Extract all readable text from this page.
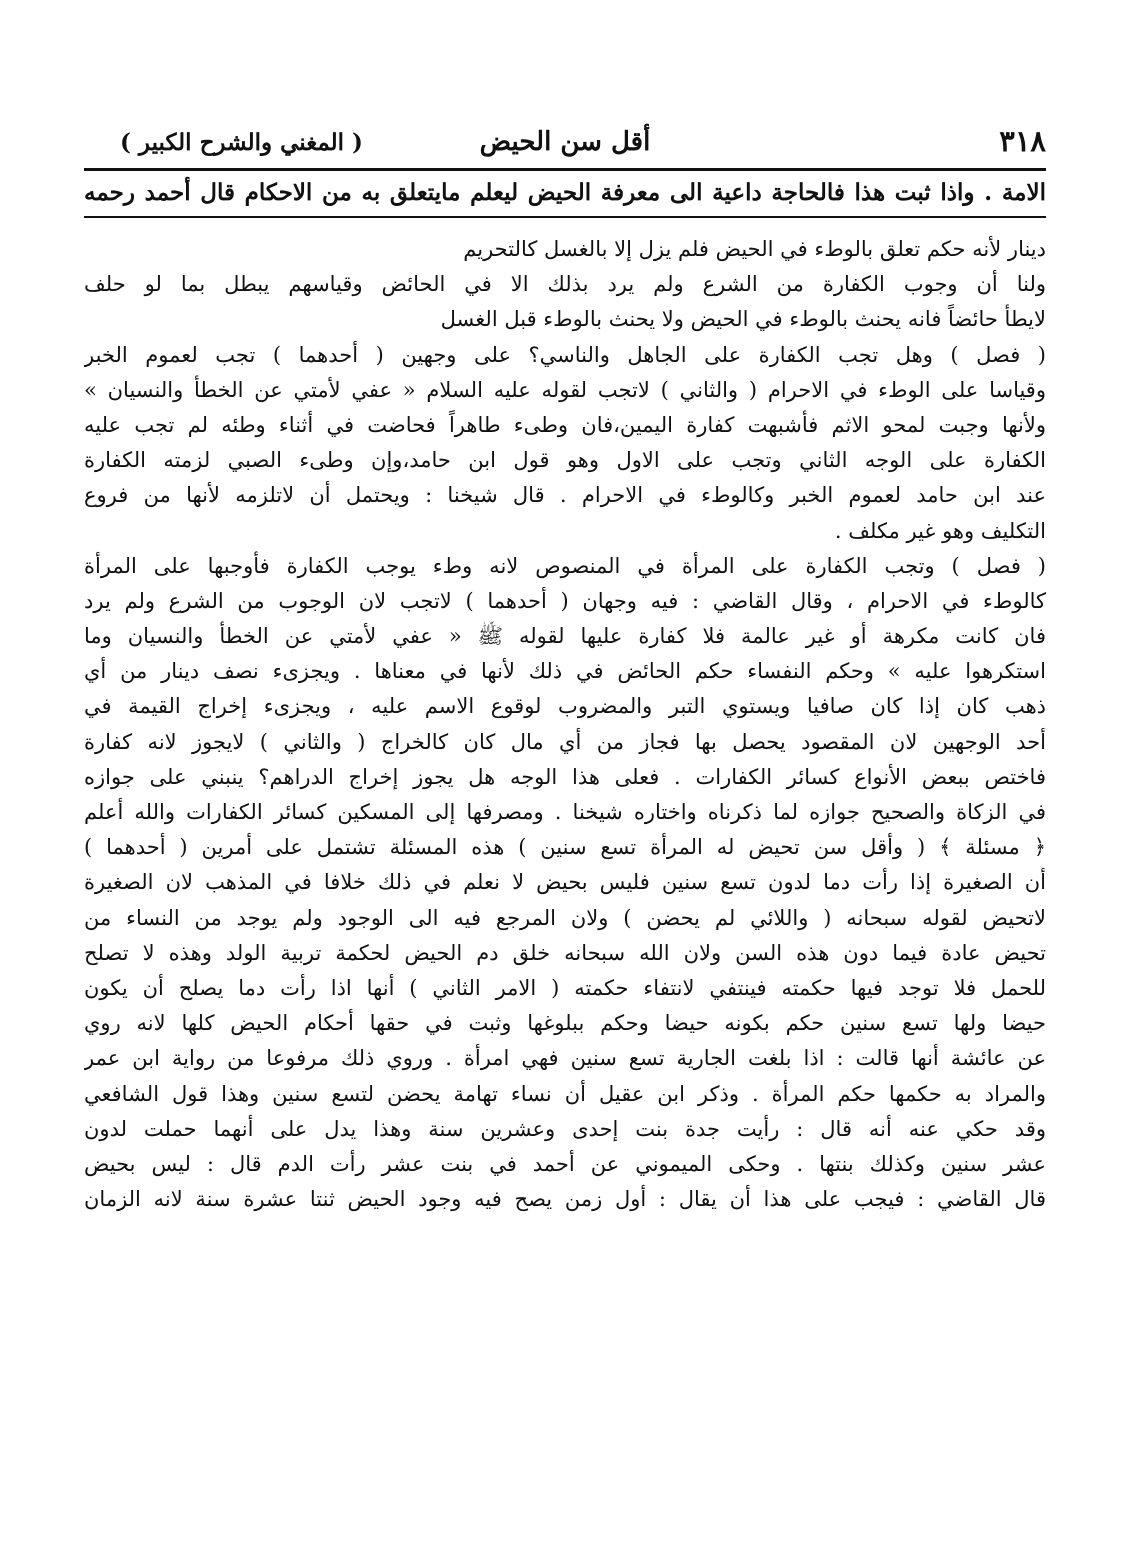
٣١٨
أقل سن الحيض
( المغني والشرح الكبير )
الامة . واذا ثبت هذا فالحاجة داعية الى معرفة الحيض ليعلم مايتعلق به من الاحكام قال أحمد رحمه
دينار لأنه حكم تعلق بالوطء في الحيض فلم يزل إلا بالغسل كالتحريم
ولنا أن وجوب الكفارة من الشرع ولم يرد بذلك الا في الحائض وقياسهم يبطل بما لو حلف
لايطأ حائضاً فانه يحنث بالوطء في الحيض ولا يحنث بالوطء قبل الغسل
( فصل ) وهل تجب الكفارة على الجاهل والناسي؟ على وجهين ( أحدهما ) تجب لعموم الخبر
وقياسا على الوطء في الاحرام ( والثاني ) لاتجب لقوله عليه السلام « عفي لأمتي عن الخطأ والنسيان »
ولأنها وجبت لمحو الاثم فأشبهت كفارة اليمين،فان وطىء طاهراً فحاضت في أثناء وطئه لم تجب عليه
الكفارة على الوجه الثاني وتجب على الاول وهو قول ابن حامد،وإن وطىء الصبي لزمته الكفارة
عند ابن حامد لعموم الخبر وكالوطء في الاحرام . قال شيخنا : ويحتمل أن لاتلزمه لأنها من فروع
التكليف وهو غير مكلف .
( فصل ) وتجب الكفارة على المرأة في المنصوص لانه وطء يوجب الكفارة فأوجبها على المرأة
كالوطء في الاحرام ، وقال القاضي : فيه وجهان ( أحدهما ) لاتجب لان الوجوب من الشرع ولم يرد
فان كانت مكرهة أو غير عالمة فلا كفارة عليها لقوله ﷺ « عفي لأمتي عن الخطأ والنسيان وما
استكرهوا عليه » وحكم النفساء حكم الحائض في ذلك لأنها في معناها . ويجزىء نصف دينار من أي
ذهب كان إذا كان صافيا ويستوي التبر والمضروب لوقوع الاسم عليه ، ويجزىء إخراج القيمة في
أحد الوجهين لان المقصود يحصل بها فجاز من أي مال كان كالخراج ( والثاني ) لايجوز لانه كفارة
فاختص ببعض الأنواع كسائر الكفارات . فعلى هذا الوجه هل يجوز إخراج الدراهم؟ ينبني على جوازه
في الزكاة والصحيح جوازه لما ذكرناه واختاره شيخنا . ومصرفها إلى المسكين كسائر الكفارات والله أعلم
﴿ مسئلة ﴾ ( وأقل سن تحيض له المرأة تسع سنين ) هذه المسئلة تشتمل على أمرين ( أحدهما )
أن الصغيرة إذا رأت دما لدون تسع سنين فليس بحيض لا نعلم في ذلك خلافا في المذهب لان الصغيرة
لاتحيض لقوله سبحانه ( واللائي لم يحضن ) ولان المرجع فيه الى الوجود ولم يوجد من النساء من
تحيض عادة فيما دون هذه السن ولان الله سبحانه خلق دم الحيض لحكمة تربية الولد وهذه لا تصلح
للحمل فلا توجد فيها حكمته فينتفي لانتفاء حكمته ( الامر الثاني ) أنها اذا رأت دما يصلح أن يكون
حيضا ولها تسع سنين حكم بكونه حيضا وحكم ببلوغها وثبت في حقها أحكام الحيض كلها لانه روي
عن عائشة أنها قالت : اذا بلغت الجارية تسع سنين فهي امرأة . وروي ذلك مرفوعا من رواية ابن عمر
والمراد به حكمها حكم المرأة . وذكر ابن عقيل أن نساء تهامة يحضن لتسع سنين وهذا قول الشافعي
وقد حكي عنه أنه قال : رأيت جدة بنت إحدى وعشرين سنة وهذا يدل على أنهما حملت لدون
عشر سنين وكذلك بنتها . وحكى الميموني عن أحمد في بنت عشر رأت الدم قال : ليس بحيض
قال القاضي : فيجب على هذا أن يقال : أول زمن يصح فيه وجود الحيض ثنتا عشرة سنة لانه الزمان
